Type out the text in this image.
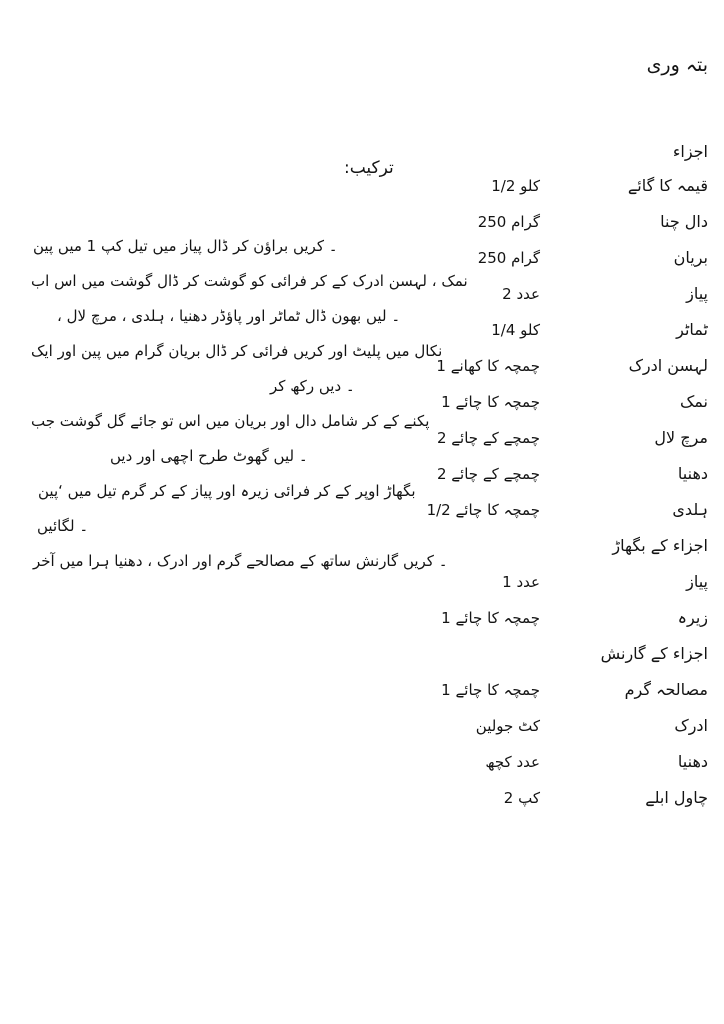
وری بتہ
ترکیب:
پین میں 1 کپ تیل میں پیاز ڈال کر براؤن کریں ۔
اب اس میں گوشت ڈال کر گوشت کو فرائی کر کے ادرک لہسن ، نمک
، لال مرچ ، ہلدی ، دھنیا پاؤڈر اور ٹماٹر ڈال بھون لیں ۔
ایک اور پین میں گرام بریان ڈال کر فرائی کریں اور پلیٹ میں نکال
کر رکھ دیں ۔
جب گوشت گل جائے تو اس میں بریان اور دال شامل کر کے پکنے
دیں اور اچھی طرح گھوٹ لیں ۔
‘پین میں تیل گرم کر کے پیاز اور زیرہ فرائی کر کے اوپر بگھاڑ
لگائیں ۔
آخر میں ہرا دھنیا ، ادرک اور گرم مصالحے کے ساتھ گارنش کریں ۔
اجزاء
1/2 کلو	گائے کا قیمہ
250 گرام	چنا دال
250 گرام	بریان
2 عدد	پیاز
1/4 کلو	ٹماٹر
1 کھانے کا چمچہ	ادرک لہسن
1 چائے کا چمچہ	نمک
2 چائے کے چمچے	لال مرچ
2 چائے کے چمچے	دھنیا
1/2 چائے کا چمچہ	ہلدی
بگھاڑ کے اجزاء
1 عدد	پیاز
1 چائے کا چمچہ	زیرہ
گارنش کے اجزاء
1 چائے کا چمچہ	گرم مصالحہ
جولین کٹ	ادرک
کچھ عدد	دھنیا
2 کپ	ابلے چاول
